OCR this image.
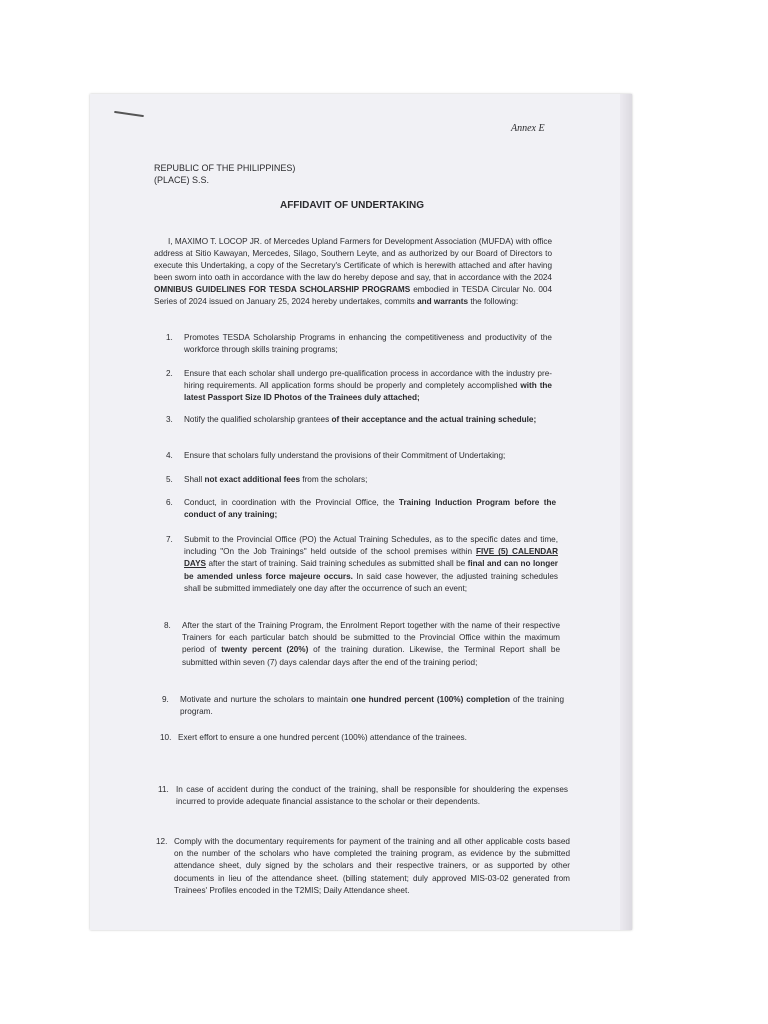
Annex E
REPUBLIC OF THE PHILIPPINES)
(PLACE) S.S.
AFFIDAVIT OF UNDERTAKING

I, MAXIMO T. LOCOP JR. of Mercedes Upland Farmers for Development Association (MUFDA) with office address at Sitio Kawayan, Mercedes, Silago, Southern Leyte, and as authorized by our Board of Directors to execute this Undertaking, a copy of the Secretary's Certificate of which is herewith attached and after having been sworn into oath in accordance with the law do hereby depose and say, that in accordance with the 2024 OMNIBUS GUIDELINES FOR TESDA SCHOLARSHIP PROGRAMS embodied in TESDA Circular No. 004 Series of 2024 issued on January 25, 2024 hereby undertakes, commits and warrants the following:

1.	Promotes TESDA Scholarship Programs in enhancing the competitiveness and productivity of the workforce through skills training programs;
2.	Ensure that each scholar shall undergo pre-qualification process in accordance with the industry pre-hiring requirements. All application forms should be properly and completely accomplished with the latest Passport Size ID Photos of the Trainees duly attached;
3.	Notify the qualified scholarship grantees of their acceptance and the actual training schedule;
4.	Ensure that scholars fully understand the provisions of their Commitment of Undertaking;
5.	Shall not exact additional fees from the scholars;
6.	Conduct, in coordination with the Provincial Office, the Training Induction Program before the conduct of any training;
7.	Submit to the Provincial Office (PO) the Actual Training Schedules, as to the specific dates and time, including "On the Job Trainings" held outside of the school premises within FIVE (5) CALENDAR DAYS after the start of training. Said training schedules as submitted shall be final and can no longer be amended unless force majeure occurs. In said case however, the adjusted training schedules shall be submitted immediately one day after the occurrence of such an event;
8.	After the start of the Training Program, the Enrolment Report together with the name of their respective Trainers for each particular batch should be submitted to the Provincial Office within the maximum period of twenty percent (20%) of the training duration. Likewise, the Terminal Report shall be submitted within seven (7) days calendar days after the end of the training period;
9.	Motivate and nurture the scholars to maintain one hundred percent (100%) completion of the training program.
10. Exert effort to ensure a one hundred percent (100%) attendance of the trainees.
11. In case of accident during the conduct of the training, shall be responsible for shouldering the expenses incurred to provide adequate financial assistance to the scholar or their dependents.
12. Comply with the documentary requirements for payment of the training and all other applicable costs based on the number of the scholars who have completed the training program, as evidence by the submitted attendance sheet, duly signed by the scholars and their respective trainers, or as supported by other documents in lieu of the attendance sheet. (billing statement; duly approved MIS-03-02 generated from Trainees' Profiles encoded in the T2MIS; Daily Attendance sheet.
